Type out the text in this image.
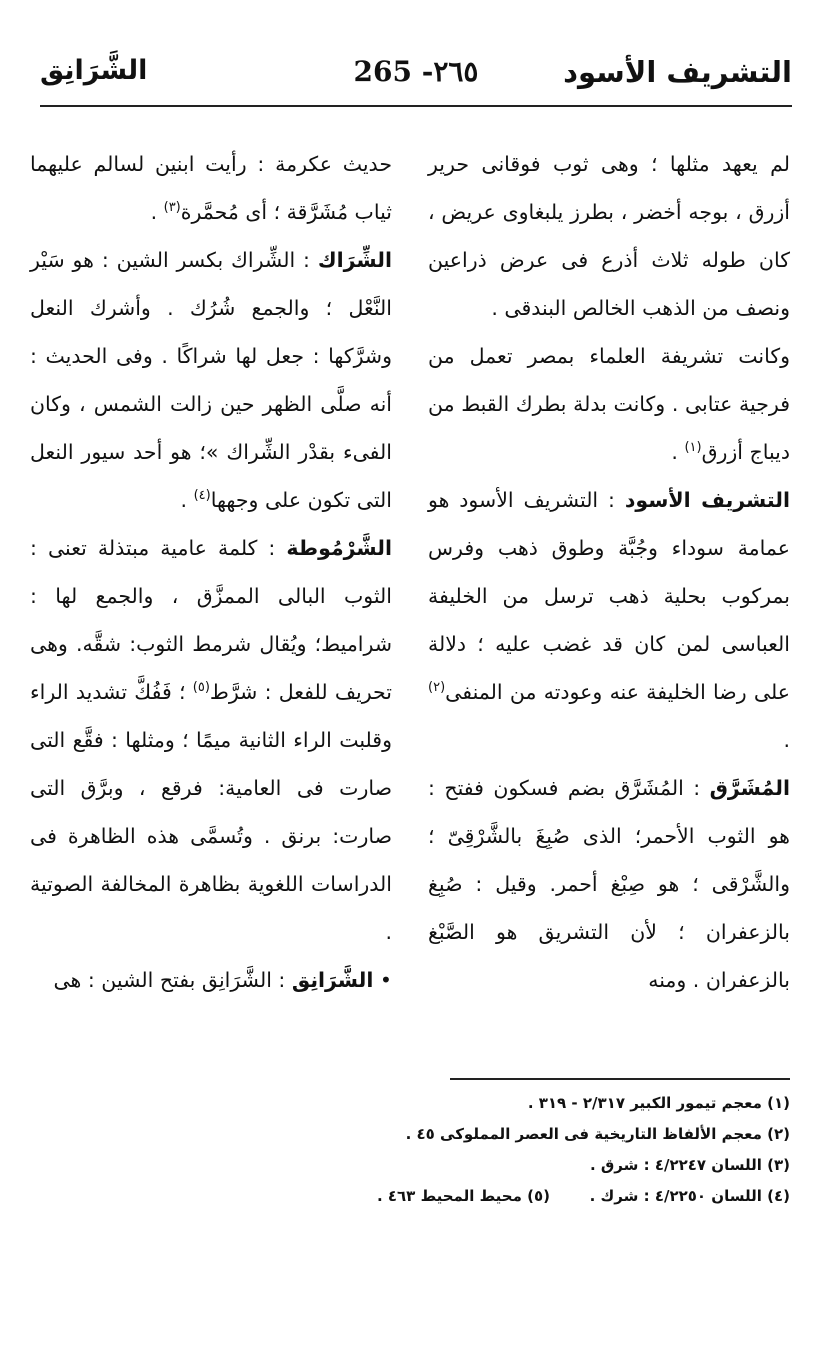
التشريف الأسود
265 -٢٦٥
الشَّرَانِق

لم يعهد مثلها ؛ وهى ثوب فوقانى حرير أزرق ، بوجه أخضر ، بطرز يلبغاوى عريض ، كان طوله ثلاث أذرع فى عرض ذراعين ونصف من الذهب الخالص البندقى .

وكانت تشريفة العلماء بمصر تعمل من فرجية عتابى . وكانت بدلة بطرك القبط من ديباج أزرق$^{(١)}$ .

التشريف الأسود : التشريف الأسود هو عمامة سوداء وجُبَّة وطوق ذهب وفرس بمركوب بحلية ذهب ترسل من الخليفة العباسى لمن كان قد غضب عليه ؛ دلالة على رضا الخليفة عنه وعودته من المنفى$^{(٢)}$ .

المُشَرَّق : المُشَرَّق بضم فسكون ففتح : هو الثوب الأحمر؛ الذى صُبِغَ بالشَّرْقِىّ ؛ والشَّرْقى ؛ هو صِبْغ أحمر. وقيل : صُبِغ بالزعفران ؛ لأن التشريق هو الصَّبْغ بالزعفران . ومنه

حديث عكرمة : رأيت ابنين لسالم عليهما ثياب مُشَرَّقة ؛ أى مُحمَّرة$^{(٣)}$ .

الشِّرَاك : الشِّراك بكسر الشين : هو سَيْر النَّعْل ؛ والجمع شُرُك . وأشرك النعل وشرَّكها : جعل لها شراكًا . وفى الحديث : أنه صلَّى الظهر حين زالت الشمس ، وكان الفىء بقدْر الشِّراك »؛ هو أحد سيور النعل التى تكون على وجهها$^{(٤)}$ .

الشَّرْمُوطة : كلمة عامية مبتذلة تعنى : الثوب البالى الممزَّق ، والجمع لها : شراميط؛ ويُقال شرمط الثوب: شقَّه. وهى تحريف للفعل : شرَّط$^{(٥)}$ ؛ فَفُكَّ تشديد الراء وقلبت الراء الثانية ميمًا ؛ ومثلها : فقَّع التى صارت فى العامية: فرقع ، وبرَّق التى صارت: برنق . وتُسمَّى هذه الظاهرة فى الدراسات اللغوية بظاهرة المخالفة الصوتية .

• الشَّرَانِق : الشَّرَانِق بفتح الشين : هى

(١) معجم تيمور الكبير ٢/٣١٧ - ٣١٩ .

(٢) معجم الألفاظ التاريخية فى العصر المملوكى ٤٥ .

(٣) اللسان ٤/٢٢٤٧ : شرق .

(٤) اللسان ٤/٢٢٥٠ : شرك .
(٥) محيط المحيط ٤٦٣ .
